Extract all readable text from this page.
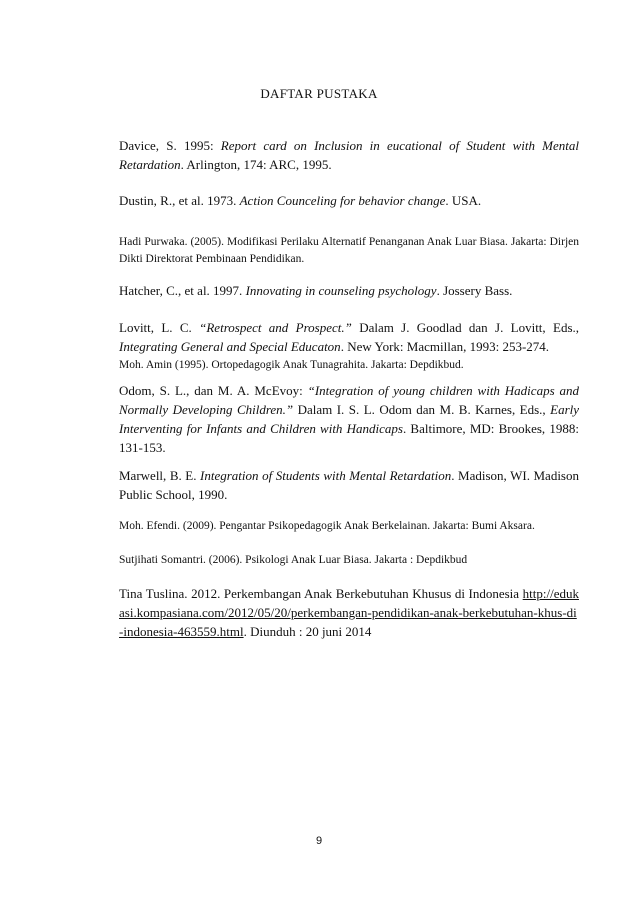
DAFTAR PUSTAKA
Davice, S. 1995: Report card on Inclusion in eucational of Student with Mental Retardation. Arlington, 174: ARC, 1995.
Dustin, R., et al. 1973. Action Counceling for behavior change. USA.
Hadi Purwaka. (2005). Modifikasi Perilaku Alternatif Penanganan Anak Luar Biasa. Jakarta: Dirjen Dikti Direktorat Pembinaan Pendidikan.
Hatcher, C., et al. 1997. Innovating in counseling psychology. Jossery Bass.
Lovitt, L. C. “Retrospect and Prospect.” Dalam J. Goodlad dan J. Lovitt, Eds., Integrating General and Special Educaton. New York: Macmillan, 1993: 253-274.
Moh. Amin (1995). Ortopedagogik Anak Tunagrahita. Jakarta: Depdikbud.
Odom, S. L., dan M. A. McEvoy: “Integration of young children with Hadicaps and Normally Developing Children.” Dalam I. S. L. Odom dan M. B. Karnes, Eds., Early Interventing for Infants and Children with Handicaps. Baltimore, MD: Brookes, 1988: 131-153.
Marwell, B. E. Integration of Students with Mental Retardation. Madison, WI. Madison Public School, 1990.
Moh. Efendi. (2009). Pengantar Psikopedagogik Anak Berkelainan. Jakarta: Bumi Aksara.
Sutjihati Somantri. (2006). Psikologi Anak Luar Biasa. Jakarta : Depdikbud
Tina Tuslina. 2012. Perkembangan Anak Berkebutuhan Khusus di Indonesia http://edukasi.kompasiana.com/2012/05/20/perkembangan-pendidikan-anak-berkebutuhan-khus-di-indonesia-463559.html. Diunduh : 20 juni 2014
9
